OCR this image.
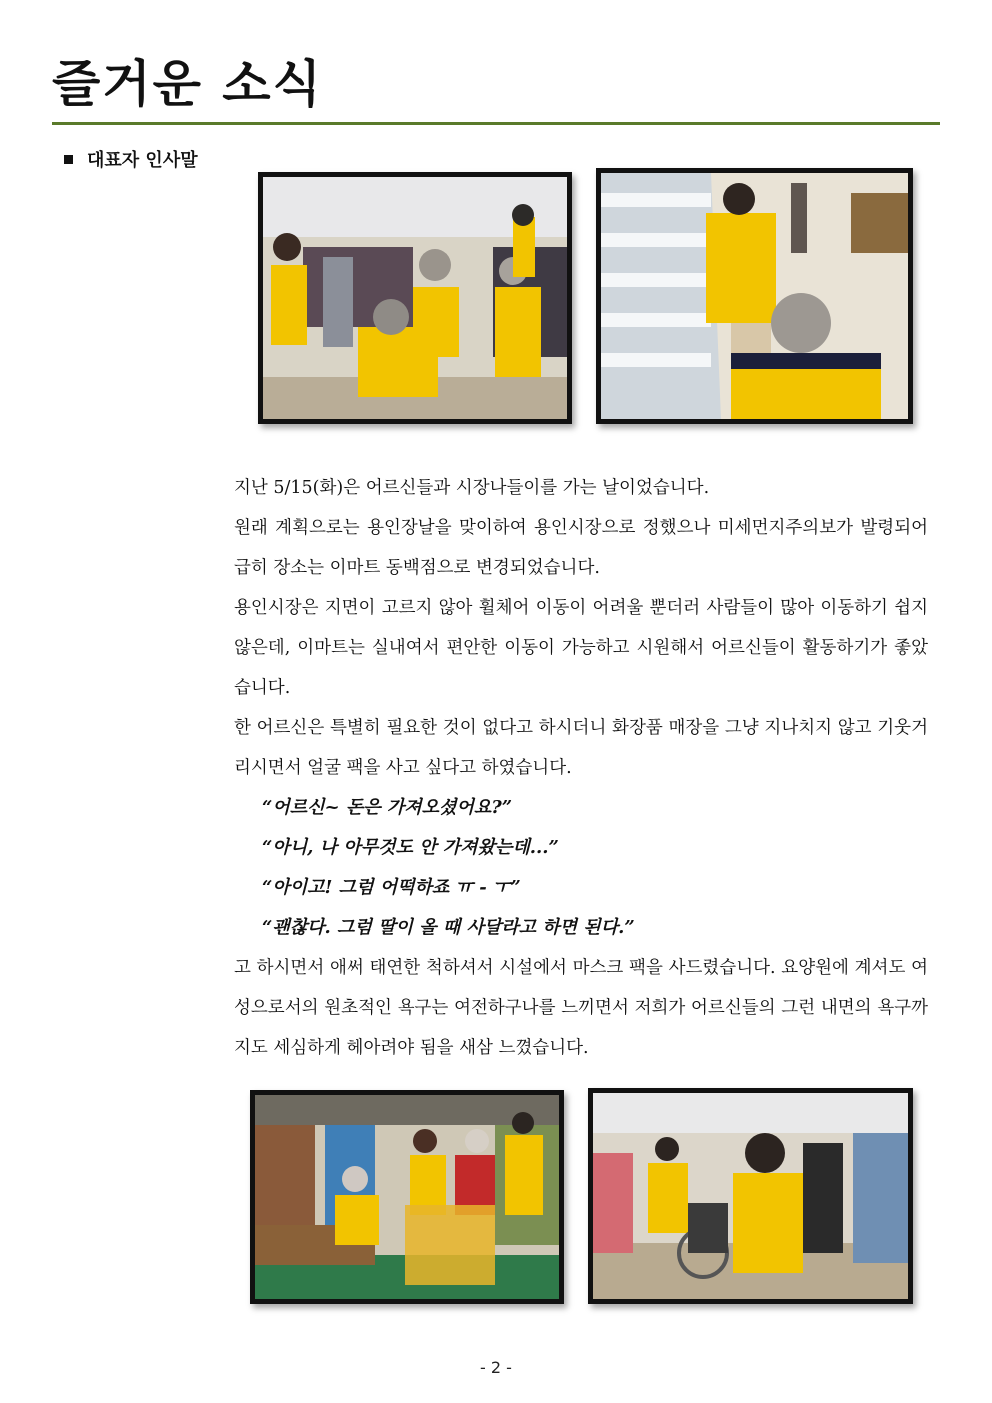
즐거운 소식
대표자 인사말

지난 5/15(화)은 어르신들과 시장나들이를 가는 날이었습니다.

원래 계획으로는 용인장날을 맞이하여 용인시장으로 정했으나 미세먼지주의보가 발령되어 급히 장소는 이마트 동백점으로 변경되었습니다.

용인시장은 지면이 고르지 않아 휠체어 이동이 어려울 뿐더러 사람들이 많아 이동하기 쉽지 않은데, 이마트는 실내여서 편안한 이동이 가능하고 시원해서 어르신들이 활동하기가 좋았습니다.

한 어르신은 특별히 필요한 것이 없다고 하시더니 화장품 매장을 그냥 지나치지 않고 기웃거리시면서 얼굴 팩을 사고 싶다고 하였습니다.

“어르신~ 돈은 가져오셨어요?”

“아니, 나 아무것도 안 가져왔는데...”

“아이고! 그럼 어떡하죠 ㅠ - ㅜ”

“괜찮다. 그럼 딸이 올 때 사달라고 하면 된다.”

고 하시면서 애써 태연한 척하셔서 시설에서 마스크 팩을 사드렸습니다. 요양원에 계셔도 여성으로서의 원초적인 욕구는 여전하구나를 느끼면서 저희가 어르신들의 그런 내면의 욕구까지도 세심하게 헤아려야 됨을 새삼 느꼈습니다.

- 2 -
